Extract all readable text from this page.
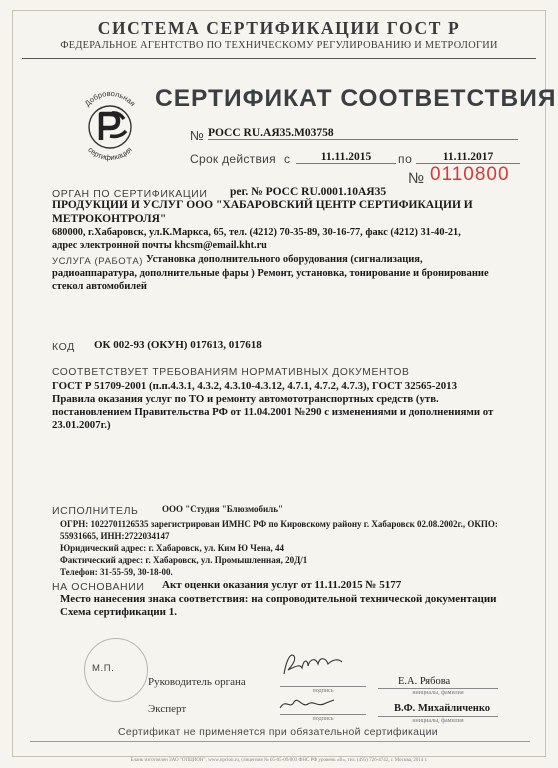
СИСТЕМА СЕРТИФИКАЦИИ ГОСТ Р
ФЕДЕРАЛЬНОЕ АГЕНТСТВО ПО ТЕХНИЧЕСКОМУ РЕГУЛИРОВАНИЮ И МЕТРОЛОГИИ
Добровольная
сертификация
СЕРТИФИКАТ СООТВЕТСТВИЯ
№ РОСС RU.АЯ35.М03758
Срок действия с	11.11.2015	по	11.11.2017
№ 0110800
ОРГАН ПО СЕРТИФИКАЦИИ рег. № РОСС RU.0001.10АЯ35
ПРОДУКЦИИ И УСЛУГ ООО "ХАБАРОВСКИЙ ЦЕНТР СЕРТИФИКАЦИИ И
МЕТРОКОНТРОЛЯ"
680000, г.Хабаровск, ул.К.Маркса, 65, тел. (4212) 70-35-89, 30-16-77, факс (4212) 31-40-21,
адрес электронной почты khcsm@email.kht.ru
УСЛУГА (РАБОТА) Установка дополнительного оборудования (сигнализация,
радиоаппаратура, дополнительные фары ) Ремонт, установка, тонирование и бронирование
стекол автомобилей
КОД ОК 002-93 (ОКУН) 017613, 017618
СООТВЕТСТВУЕТ ТРЕБОВАНИЯМ НОРМАТИВНЫХ ДОКУМЕНТОВ
ГОСТ Р 51709-2001 (п.п.4.3.1, 4.3.2, 4.3.10-4.3.12, 4.7.1, 4.7.2, 4.7.3), ГОСТ 32565-2013
Правила оказания услуг по ТО и ремонту автомототранспортных средств (утв.
постановлением Правительства РФ от 11.04.2001 №290 с изменениями и дополнениями от
23.01.2007г.)
ИСПОЛНИТЕЛЬ	ООО "Студия "Блюзмобиль"
ОГРН: 1022701126535 зарегистрирован ИМНС РФ по Кировскому району г. Хабаровск 02.08.2002г., ОКПО:
55931665, ИНН:2722034147
Юридический адрес: г. Хабаровск, ул. Ким Ю Чена, 44
Фактический адрес: г. Хабаровск, ул. Промышленная, 20Д/1
Телефон: 31-55-59, 30-18-00.
НА ОСНОВАНИИ Акт оценки оказания услуг от 11.11.2015 № 5177
Место нанесения знака соответствия: на сопроводительной технической документации
Схема сертификации 1.
М.П.
Руководитель органа
подпись
Е.А. Рябова
инициалы, фамилия
Эксперт
подпись
В.Ф. Михайличенко
инициалы, фамилия
Сертификат не применяется при обязательной сертификации
Бланк изготовлен ЗАО "ОПЦИОН", www.opcion.ru, (лицензия № 05-05-09/003 ФНС РФ уровень «В», тел. (495) 726-4742, г. Москва, 2014 г.
